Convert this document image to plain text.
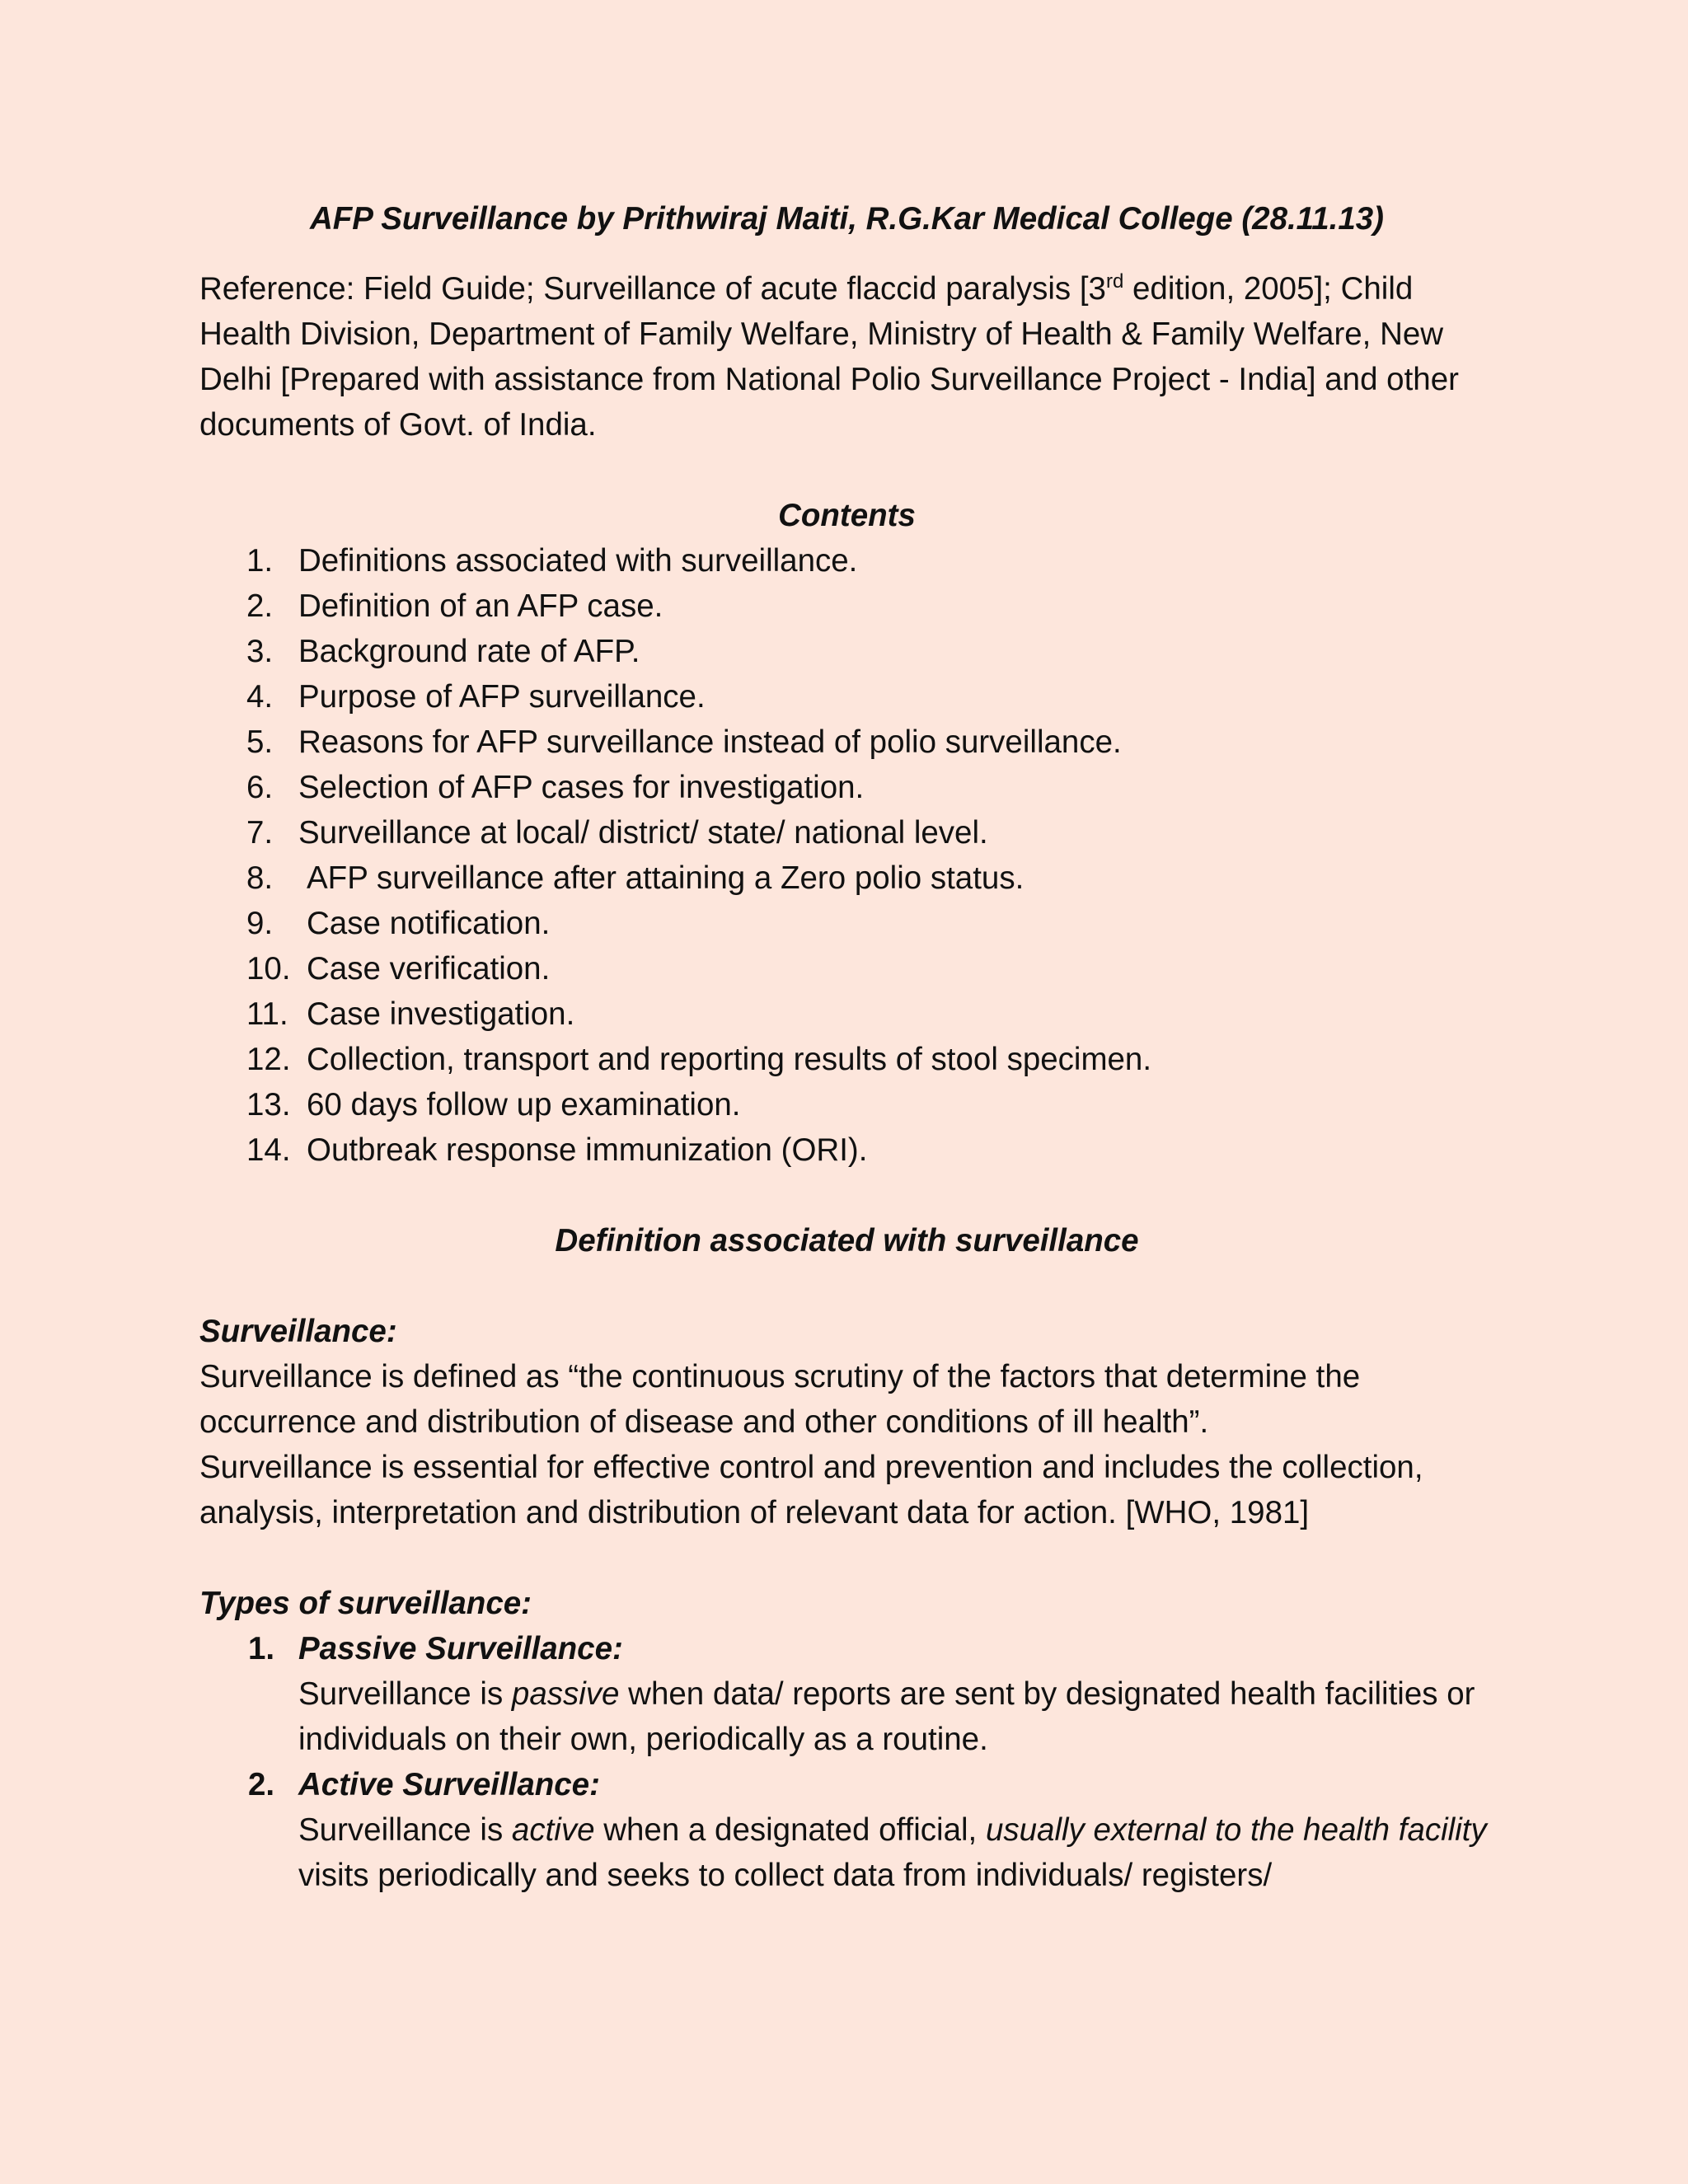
AFP Surveillance by Prithwiraj Maiti, R.G.Kar Medical College (28.11.13)

Reference: Field Guide; Surveillance of acute flaccid paralysis [3rd edition, 2005]; Child Health Division, Department of Family Welfare, Ministry of Health & Family Welfare, New Delhi [Prepared with assistance from National Polio Surveillance Project - India] and other documents of Govt. of India.

Contents

1. Definitions associated with surveillance.
2. Definition of an AFP case.
3. Background rate of AFP.
4. Purpose of AFP surveillance.
5. Reasons for AFP surveillance instead of polio surveillance.
6. Selection of AFP cases for investigation.
7. Surveillance at local/ district/ state/ national level.
8. AFP surveillance after attaining a Zero polio status.
9. Case notification.
10. Case verification.
11. Case investigation.
12. Collection, transport and reporting results of stool specimen.
13. 60 days follow up examination.
14. Outbreak response immunization (ORI).

Definition associated with surveillance

Surveillance:

Surveillance is defined as “the continuous scrutiny of the factors that determine the occurrence and distribution of disease and other conditions of ill health”.

Surveillance is essential for effective control and prevention and includes the collection, analysis, interpretation and distribution of relevant data for action. [WHO, 1981]

Types of surveillance:

1. Passive Surveillance:
Surveillance is passive when data/ reports are sent by designated health facilities or individuals on their own, periodically as a routine.
2. Active Surveillance:
Surveillance is active when a designated official, usually external to the health facility visits periodically and seeks to collect data from individuals/ registers/
